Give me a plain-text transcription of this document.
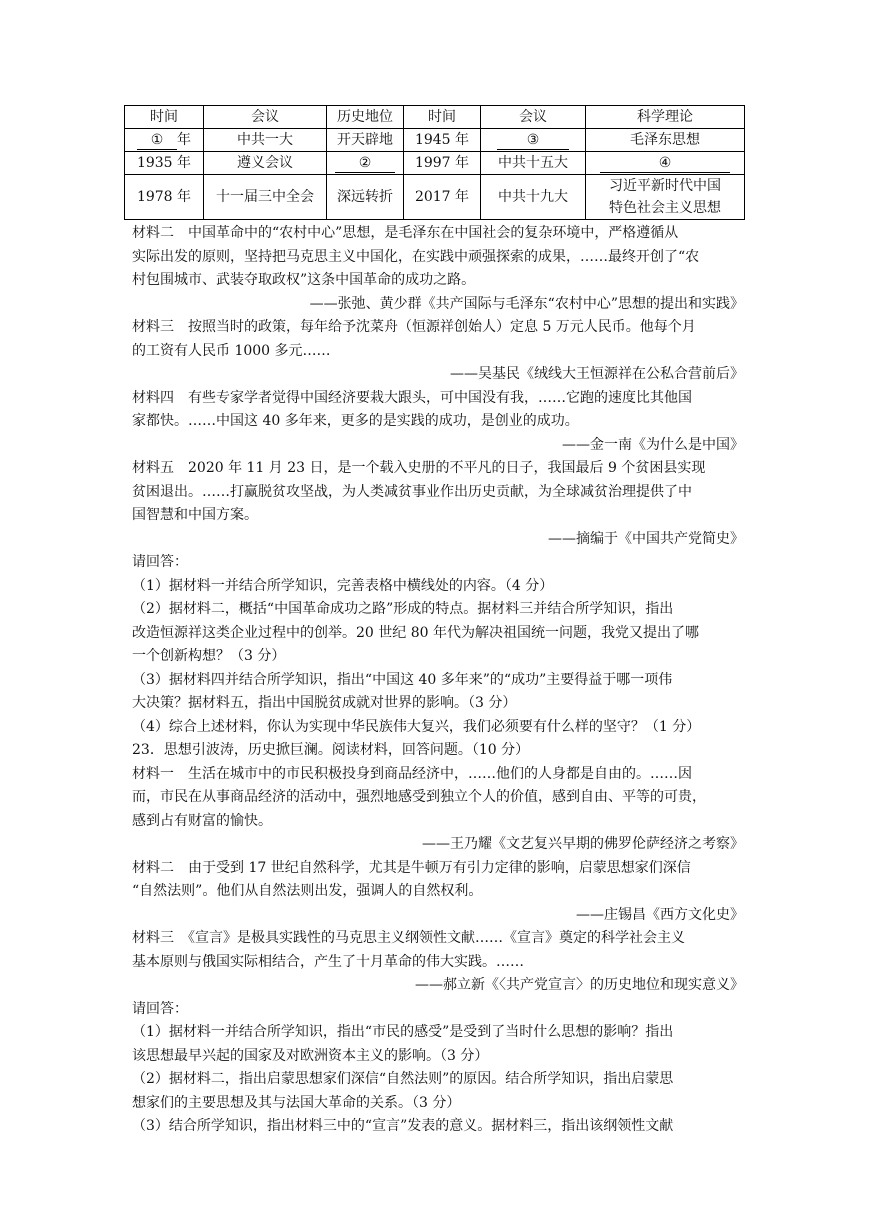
时间	会议	历史地位	时间	会议	科学理论
① 年	中共一大	开天辟地	1945 年	③	毛泽东思想
1935 年	遵义会议	②	1997 年	中共十五大	④
1978 年	十一届三中全会	深远转折	2017 年	中共十九大	习近平新时代中国
特色社会主义思想

材料二　中国革命中的“农村中心”思想，是毛泽东在中国社会的复杂环境中，严格遵循从

实际出发的原则，坚持把马克思主义中国化，在实践中顽强探索的成果，……最终开创了“农

村包围城市、武装夺取政权”这条中国革命的成功之路。

——张弛、黄少群《共产国际与毛泽东“农村中心”思想的提出和实践》

材料三　按照当时的政策，每年给予沈菜舟（恒源祥创始人）定息 5 万元人民币。他每个月

的工资有人民币 1000 多元……

——吴基民《绒线大王恒源祥在公私合营前后》

材料四　有些专家学者觉得中国经济要栽大跟头，可中国没有我，……它跑的速度比其他国

家都快。……中国这 40 多年来，更多的是实践的成功，是创业的成功。

——金一南《为什么是中国》

材料五　2020 年 11 月 23 日，是一个载入史册的不平凡的日子，我国最后 9 个贫困县实现

贫困退出。……打赢脱贫攻坚战，为人类减贫事业作出历史贡献，为全球减贫治理提供了中

国智慧和中国方案。

——摘编于《中国共产党简史》

请回答：

（1）据材料一并结合所学知识，完善表格中横线处的内容。（4 分）

（2）据材料二，概括“中国革命成功之路”形成的特点。据材料三并结合所学知识，指出

改造恒源祥这类企业过程中的创举。20 世纪 80 年代为解决祖国统一问题，我党又提出了哪

一个创新构想？（3 分）

（3）据材料四并结合所学知识，指出“中国这 40 多年来”的“成功”主要得益于哪一项伟

大决策？据材料五，指出中国脱贫成就对世界的影响。（3 分）

（4）综合上述材料，你认为实现中华民族伟大复兴，我们必须要有什么样的坚守？（1 分）

23．思想引波涛，历史掀巨澜。阅读材料，回答问题。（10 分）

材料一　生活在城市中的市民积极投身到商品经济中，……他们的人身都是自由的。……因

而，市民在从事商品经济的活动中，强烈地感受到独立个人的价值，感到自由、平等的可贵，

感到占有财富的愉快。

——王乃耀《文艺复兴早期的佛罗伦萨经济之考察》

材料二　由于受到 17 世纪自然科学，尤其是牛顿万有引力定律的影响，启蒙思想家们深信

“自然法则”。他们从自然法则出发，强调人的自然权利。

——庄锡昌《西方文化史》

材料三　《宣言》是极具实践性的马克思主义纲领性文献……《宣言》奠定的科学社会主义

基本原则与俄国实际相结合，产生了十月革命的伟大实践。……

——郝立新《〈共产党宣言〉的历史地位和现实意义》

请回答：

（1）据材料一并结合所学知识，指出“市民的感受”是受到了当时什么思想的影响？指出

该思想最早兴起的国家及对欧洲资本主义的影响。（3 分）

（2）据材料二，指出启蒙思想家们深信“自然法则”的原因。结合所学知识，指出启蒙思

想家们的主要思想及其与法国大革命的关系。（3 分）

（3）结合所学知识，指出材料三中的“宣言”发表的意义。据材料三，指出该纲领性文献
